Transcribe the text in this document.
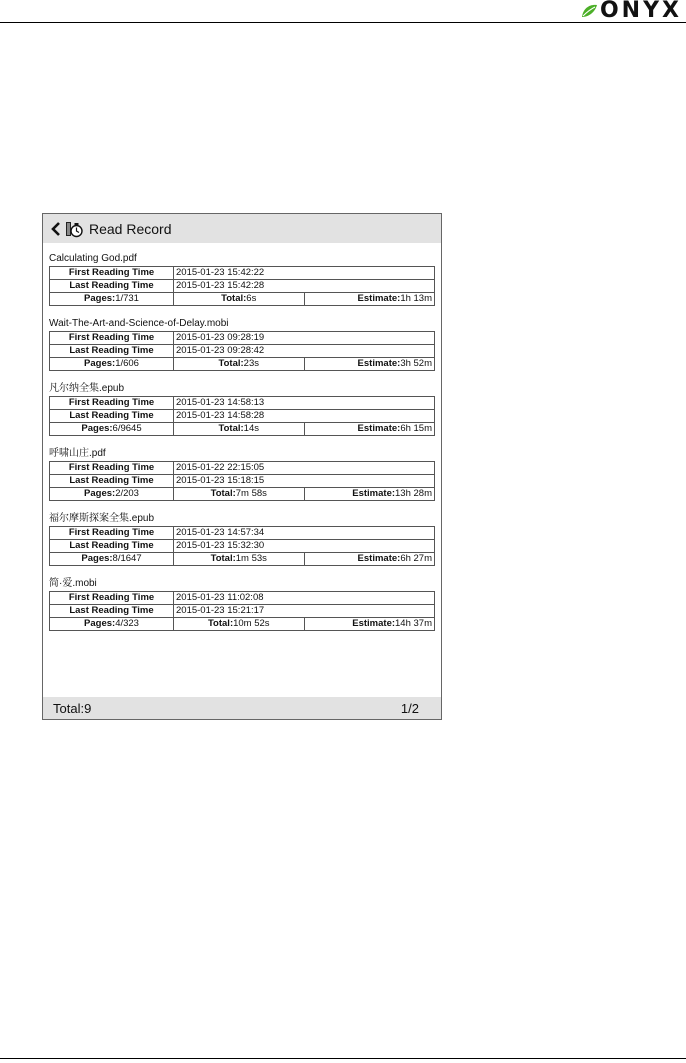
ONYX
Read Record
Calculating God.pdf
First Reading Time	2015-01-23 15:42:22	
Last Reading Time	2015-01-23 15:42:28	
Pages:1/731	Total:6s	Estimate:1h 13m
Wait-The-Art-and-Science-of-Delay.mobi
First Reading Time	2015-01-23 09:28:19	
Last Reading Time	2015-01-23 09:28:42	
Pages:1/606	Total:23s	Estimate:3h 52m
凡尔纳全集.epub
First Reading Time	2015-01-23 14:58:13	
Last Reading Time	2015-01-23 14:58:28	
Pages:6/9645	Total:14s	Estimate:6h 15m
呼啸山庄.pdf
First Reading Time	2015-01-22 22:15:05	
Last Reading Time	2015-01-23 15:18:15	
Pages:2/203	Total:7m 58s	Estimate:13h 28m
福尔摩斯探案全集.epub
First Reading Time	2015-01-23 14:57:34	
Last Reading Time	2015-01-23 15:32:30	
Pages:8/1647	Total:1m 53s	Estimate:6h 27m
简·爱.mobi
First Reading Time	2015-01-23 11:02:08	
Last Reading Time	2015-01-23 15:21:17	
Pages:4/323	Total:10m 52s	Estimate:14h 37m
Total:9	1/2
